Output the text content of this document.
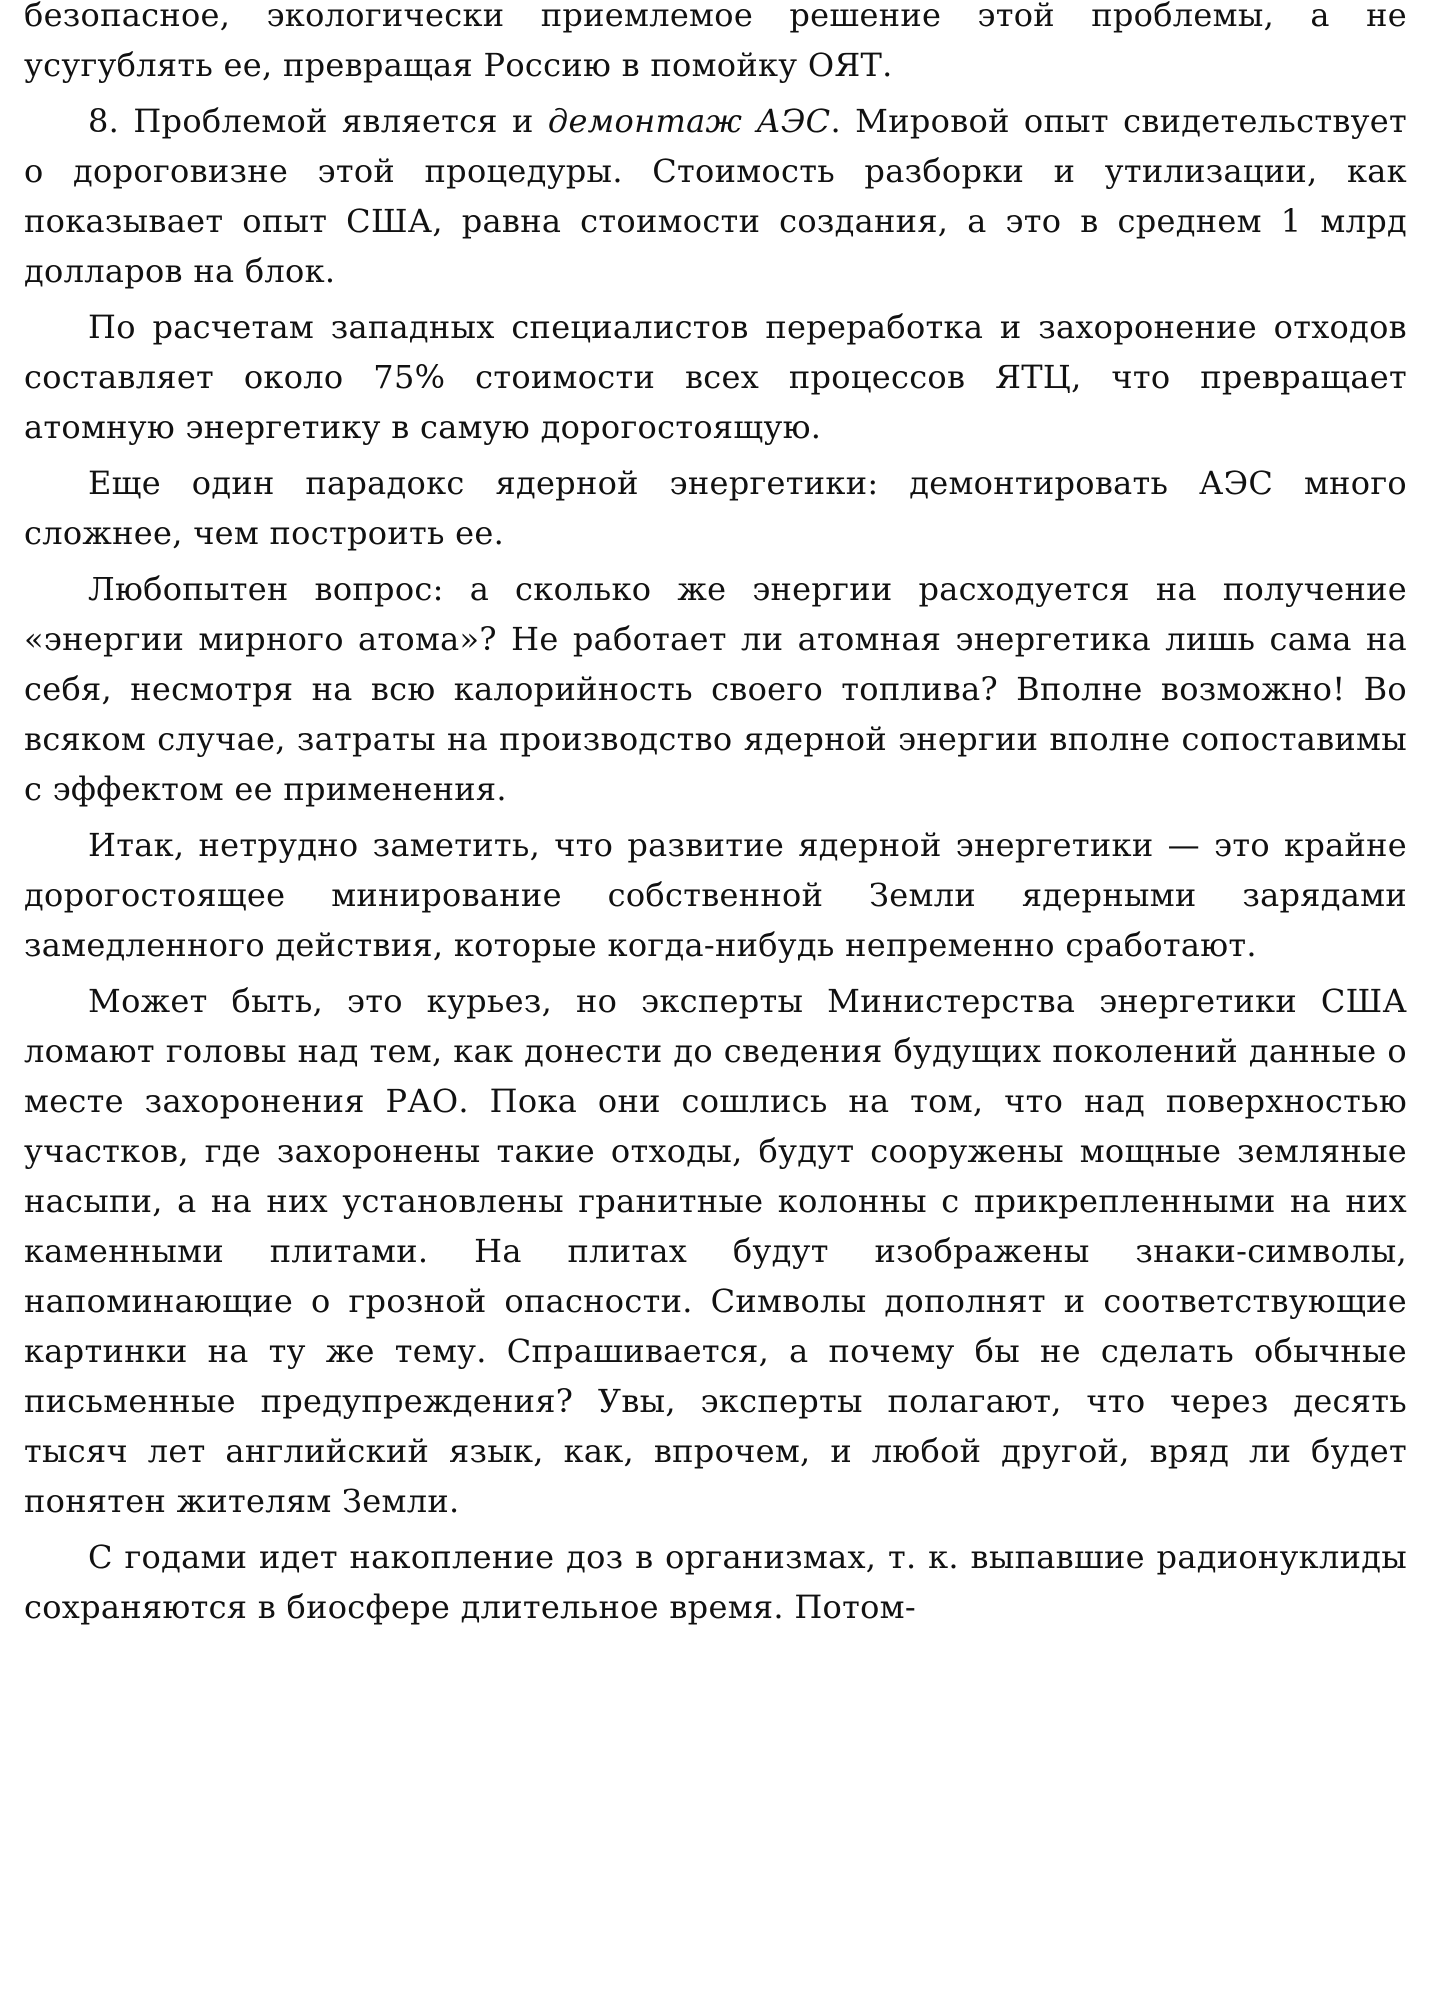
безопасное, экологически приемлемое решение этой проблемы, а не усугублять ее, превращая Россию в помойку ОЯТ.

8. Проблемой является и демонтаж АЭС. Мировой опыт свидетельствует о дороговизне этой процедуры. Стоимость разборки и утилизации, как показывает опыт США, равна стоимости создания, а это в среднем 1 млрд долларов на блок.

По расчетам западных специалистов переработка и захоронение отходов составляет около 75% стоимости всех процессов ЯТЦ, что превращает атомную энергетику в самую дорогостоящую.

Еще один парадокс ядерной энергетики: демонтировать АЭС много сложнее, чем построить ее.

Любопытен вопрос: а сколько же энергии расходуется на получение «энергии мирного атома»? Не работает ли атомная энергетика лишь сама на себя, несмотря на всю калорийность своего топлива? Вполне возможно! Во всяком случае, затраты на производство ядерной энергии вполне сопоставимы с эффектом ее применения.

Итак, нетрудно заметить, что развитие ядерной энергетики — это крайне дорогостоящее минирование собственной Земли ядерными зарядами замедленного действия, которые когда-нибудь непременно сработают.

Может быть, это курьез, но эксперты Министерства энергетики США ломают головы над тем, как донести до сведения будущих поколений данные о месте захоронения РАО. Пока они сошлись на том, что над поверхностью участков, где захоронены такие отходы, будут сооружены мощные земляные насыпи, а на них установлены гранитные колонны с прикрепленными на них каменными плитами. На плитах будут изображены знаки-символы, напоминающие о грозной опасности. Символы дополнят и соответствующие картинки на ту же тему. Спрашивается, а почему бы не сделать обычные письменные предупреждения? Увы, эксперты полагают, что через десять тысяч лет английский язык, как, впрочем, и любой другой, вряд ли будет понятен жителям Земли.

С годами идет накопление доз в организмах, т. к. выпавшие радионуклиды сохраняются в биосфере длительное время. Потом-
